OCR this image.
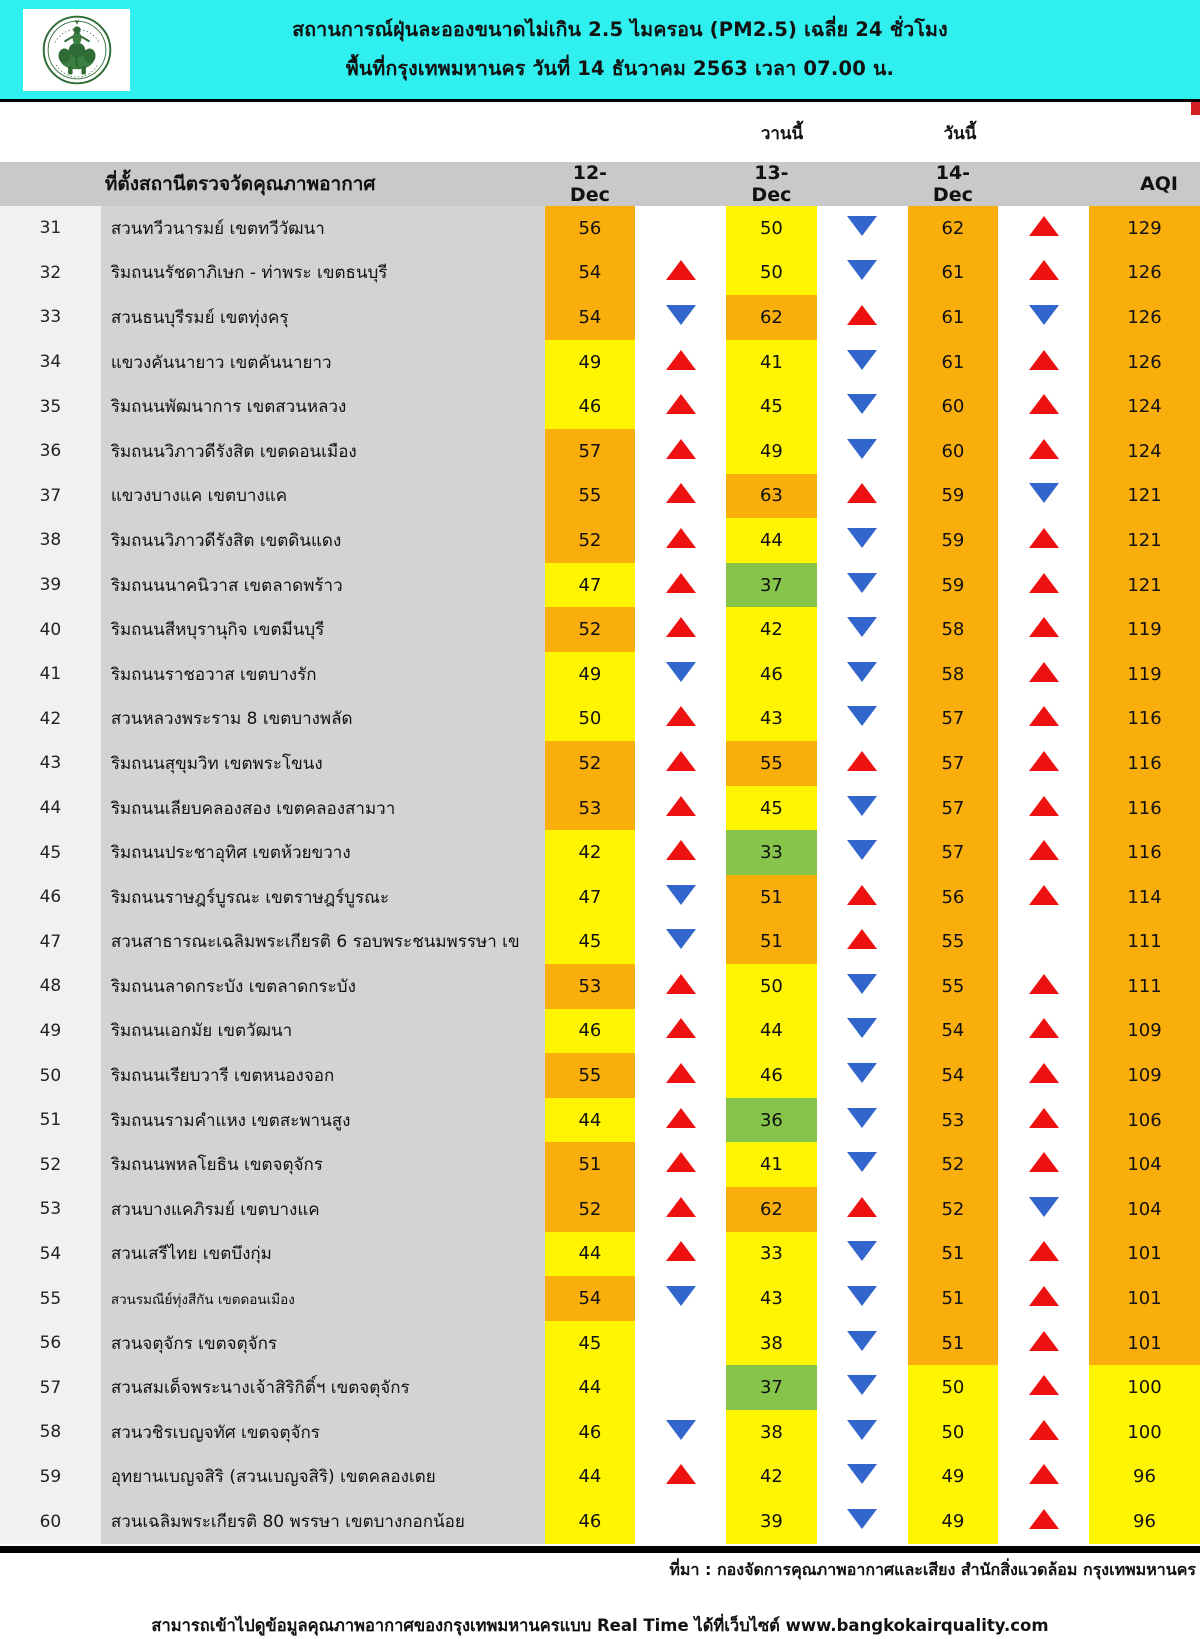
สถานการณ์ฝุ่นละอองขนาดไม่เกิน 2.5 ไมครอน (PM2.5) เฉลี่ย 24 ชั่วโมง
พื้นที่กรุงเทพมหานคร วันที่ 14 ธันวาคม 2563 เวลา 07.00 น.
วานนี้	วันนี้
	ที่ตั้งสถานีตรวจวัดคุณภาพอากาศ	12-Dec		13-Dec		14-Dec		AQI
31	สวนทวีวนารมย์ เขตทวีวัฒนา	56		50		62		129
32	ริมถนนรัชดาภิเษก - ท่าพระ เขตธนบุรี	54		50		61		126
33	สวนธนบุรีรมย์ เขตทุ่งครุ	54		62		61		126
34	แขวงคันนายาว เขตคันนายาว	49		41		61		126
35	ริมถนนพัฒนาการ เขตสวนหลวง	46		45		60		124
36	ริมถนนวิภาวดีรังสิต เขตดอนเมือง	57		49		60		124
37	แขวงบางแค เขตบางแค	55		63		59		121
38	ริมถนนวิภาวดีรังสิต เขตดินแดง	52		44		59		121
39	ริมถนนนาคนิวาส เขตลาดพร้าว	47		37		59		121
40	ริมถนนสีหบุรานุกิจ เขตมีนบุรี	52		42		58		119
41	ริมถนนราชอวาส เขตบางรัก	49		46		58		119
42	สวนหลวงพระราม 8 เขตบางพลัด	50		43		57		116
43	ริมถนนสุขุมวิท เขตพระโขนง	52		55		57		116
44	ริมถนนเลียบคลองสอง เขตคลองสามวา	53		45		57		116
45	ริมถนนประชาอุทิศ เขตห้วยขวาง	42		33		57		116
46	ริมถนนราษฎร์บูรณะ เขตราษฎร์บูรณะ	47		51		56		114
47	สวนสาธารณะเฉลิมพระเกียรติ 6 รอบพระชนมพรรษา เข	45		51		55		111
48	ริมถนนลาดกระบัง เขตลาดกระบัง	53		50		55		111
49	ริมถนนเอกมัย เขตวัฒนา	46		44		54		109
50	ริมถนนเรียบวารี เขตหนองจอก	55		46		54		109
51	ริมถนนรามคำแหง เขตสะพานสูง	44		36		53		106
52	ริมถนนพหลโยธิน เขตจตุจักร	51		41		52		104
53	สวนบางแคภิรมย์ เขตบางแค	52		62		52		104
54	สวนเสรีไทย เขตบึงกุ่ม	44		33		51		101
55	สวนรมณีย์ทุ่งสีกัน เขตดอนเมือง	54		43		51		101
56	สวนจตุจักร เขตจตุจักร	45		38		51		101
57	สวนสมเด็จพระนางเจ้าสิริกิติ์ฯ เขตจตุจักร	44		37		50		100
58	สวนวชิรเบญจทัศ เขตจตุจักร	46		38		50		100
59	อุทยานเบญจสิริ (สวนเบญจสิริ) เขตคลองเตย	44		42		49		96
60	สวนเฉลิมพระเกียรติ 80 พรรษา เขตบางกอกน้อย	46		39		49		96
ที่มา : กองจัดการคุณภาพอากาศและเสียง สำนักสิ่งแวดล้อม กรุงเทพมหานคร
สามารถเข้าไปดูข้อมูลคุณภาพอากาศของกรุงเทพมหานครแบบ Real Time ได้ที่เว็บไซต์ www.bangkokairquality.com
